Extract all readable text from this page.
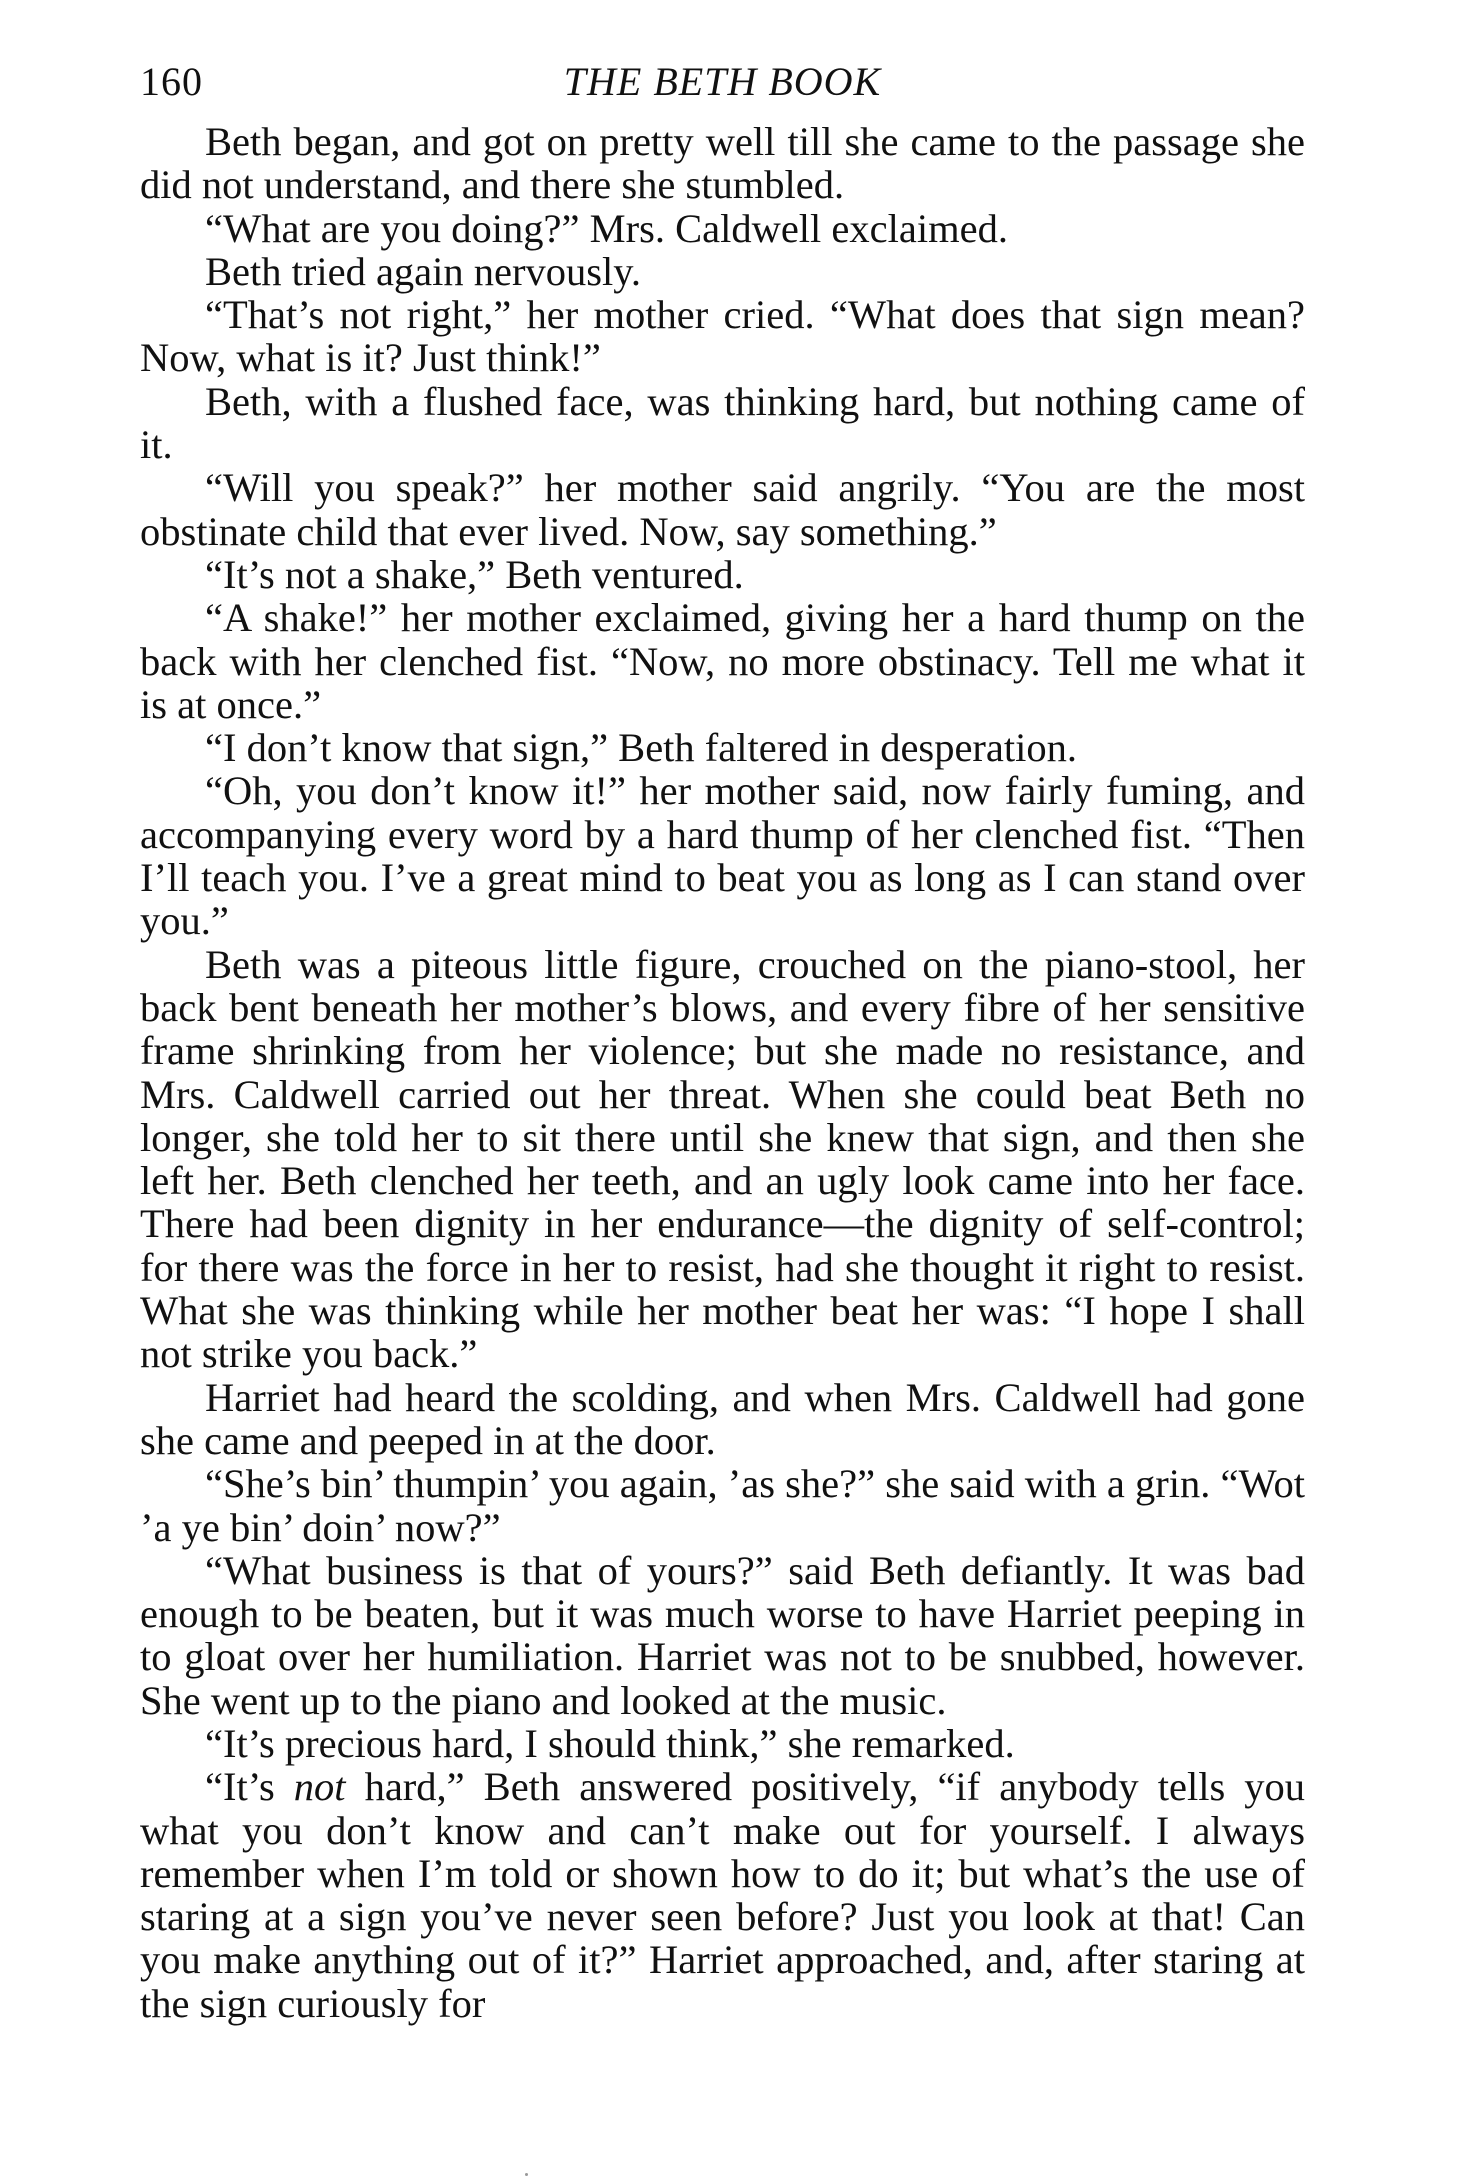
160	THE BETH BOOK

Beth began, and got on pretty well till she came to the passage she did not understand, and there she stumbled.

“What are you doing?” Mrs. Caldwell exclaimed.

Beth tried again nervously.

“That’s not right,” her mother cried. “What does that sign mean? Now, what is it? Just think!”

Beth, with a flushed face, was thinking hard, but nothing came of it.

“Will you speak?” her mother said angrily. “You are the most obstinate child that ever lived. Now, say something.”

“It’s not a shake,” Beth ventured.

“A shake!” her mother exclaimed, giving her a hard thump on the back with her clenched fist. “Now, no more obstinacy. Tell me what it is at once.”

“I don’t know that sign,” Beth faltered in desperation.

“Oh, you don’t know it!” her mother said, now fairly fuming, and accompanying every word by a hard thump of her clenched fist. “Then I’ll teach you. I’ve a great mind to beat you as long as I can stand over you.”

Beth was a piteous little figure, crouched on the piano-stool, her back bent beneath her mother’s blows, and every fibre of her sensitive frame shrinking from her violence; but she made no resistance, and Mrs. Caldwell carried out her threat. When she could beat Beth no longer, she told her to sit there until she knew that sign, and then she left her. Beth clenched her teeth, and an ugly look came into her face. There had been dignity in her endurance—the dignity of self-control; for there was the force in her to resist, had she thought it right to resist. What she was thinking while her mother beat her was: “I hope I shall not strike you back.”

Harriet had heard the scolding, and when Mrs. Caldwell had gone she came and peeped in at the door.

“She’s bin’ thumpin’ you again, ’as she?” she said with a grin. “Wot ’a ye bin’ doin’ now?”

“What business is that of yours?” said Beth defiantly. It was bad enough to be beaten, but it was much worse to have Harriet peeping in to gloat over her humiliation. Harriet was not to be snubbed, however. She went up to the piano and looked at the music.

“It’s precious hard, I should think,” she remarked.

“It’s not hard,” Beth answered positively, “if anybody tells you what you don’t know and can’t make out for yourself. I always remember when I’m told or shown how to do it; but what’s the use of staring at a sign you’ve never seen before? Just you look at that! Can you make anything out of it?” Harriet approached, and, after staring at the sign curiously for
